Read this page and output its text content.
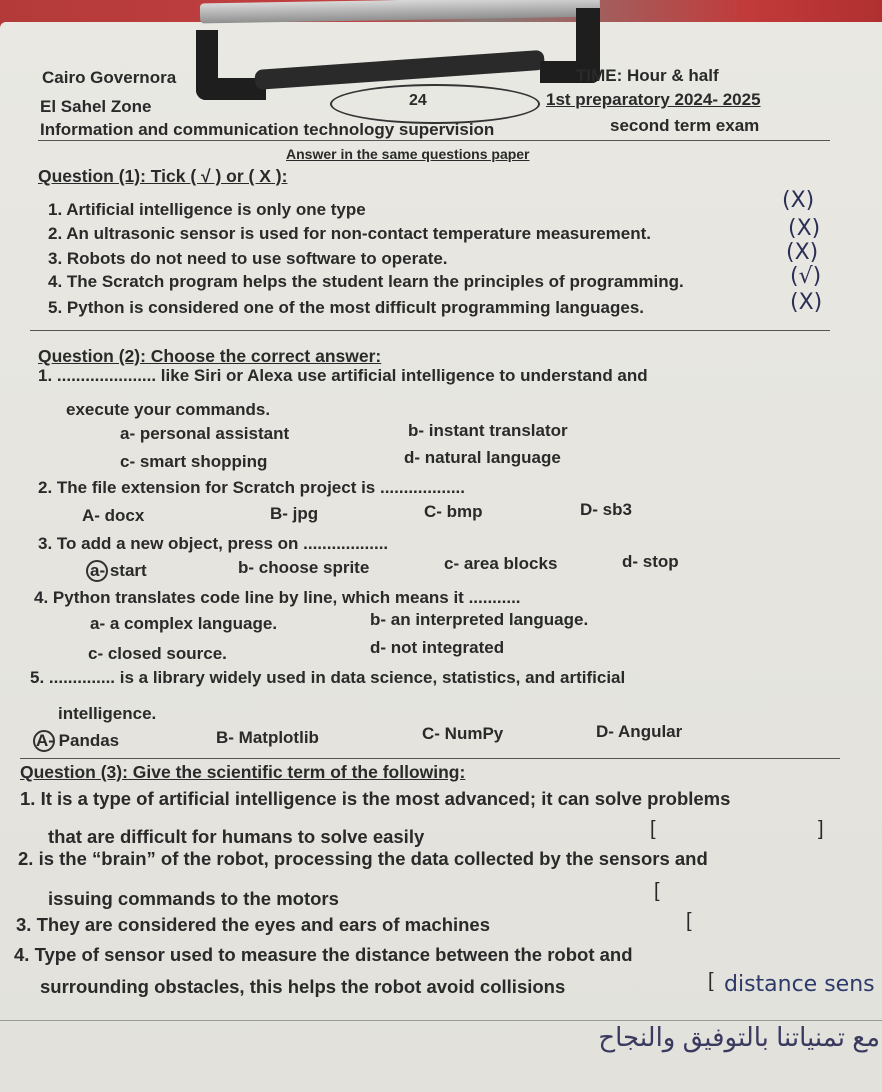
Cairo Governora	TIME: Hour & half
El Sahel Zone	24	1st preparatory 2024- 2025
Information and communication technology supervision	second term exam
Answer in the same questions paper
Question (1): Tick ( √ ) or ( X ):
1. Artificial intelligence is only one type	(X)
2. An ultrasonic sensor is used for non-contact temperature measurement.	(X)
3. Robots do not need to use software to operate.	(X)
4. The Scratch program helps the student learn the principles of programming.	(√)
5. Python is considered one of the most difficult programming languages.	(X)
Question (2): Choose the correct answer:
1. ..................... like Siri or Alexa use artificial intelligence to understand and
execute your commands.
a- personal assistant	b- instant translator
c- smart shopping	d- natural language
2. The file extension for Scratch project is ..................
A- docx	B- jpg	C- bmp	D- sb3
3. To add a new object, press on ..................
a- start	b- choose sprite	c- area blocks	d- stop
4. Python translates code line by line, which means it ...........
a- a complex language.	b- an interpreted language.
c- closed source.	d- not integrated
5. .............. is a library widely used in data science, statistics, and artificial
intelligence.
A- Pandas	B- Matplotlib	C- NumPy	D- Angular
Question (3): Give the scientific term of the following:
1. It is a type of artificial intelligence is the most advanced; it can solve problems
that are difficult for humans to solve easily	[	]
2. is the “brain” of the robot, processing the data collected by the sensors and
issuing commands to the motors	[
3. They are considered the eyes and ears of machines	[
4. Type of sensor used to measure the distance between the robot and
surrounding obstacles, this helps the robot avoid collisions	[ distance sens
مع تمنياتنا بالتوفيق والنجاح
